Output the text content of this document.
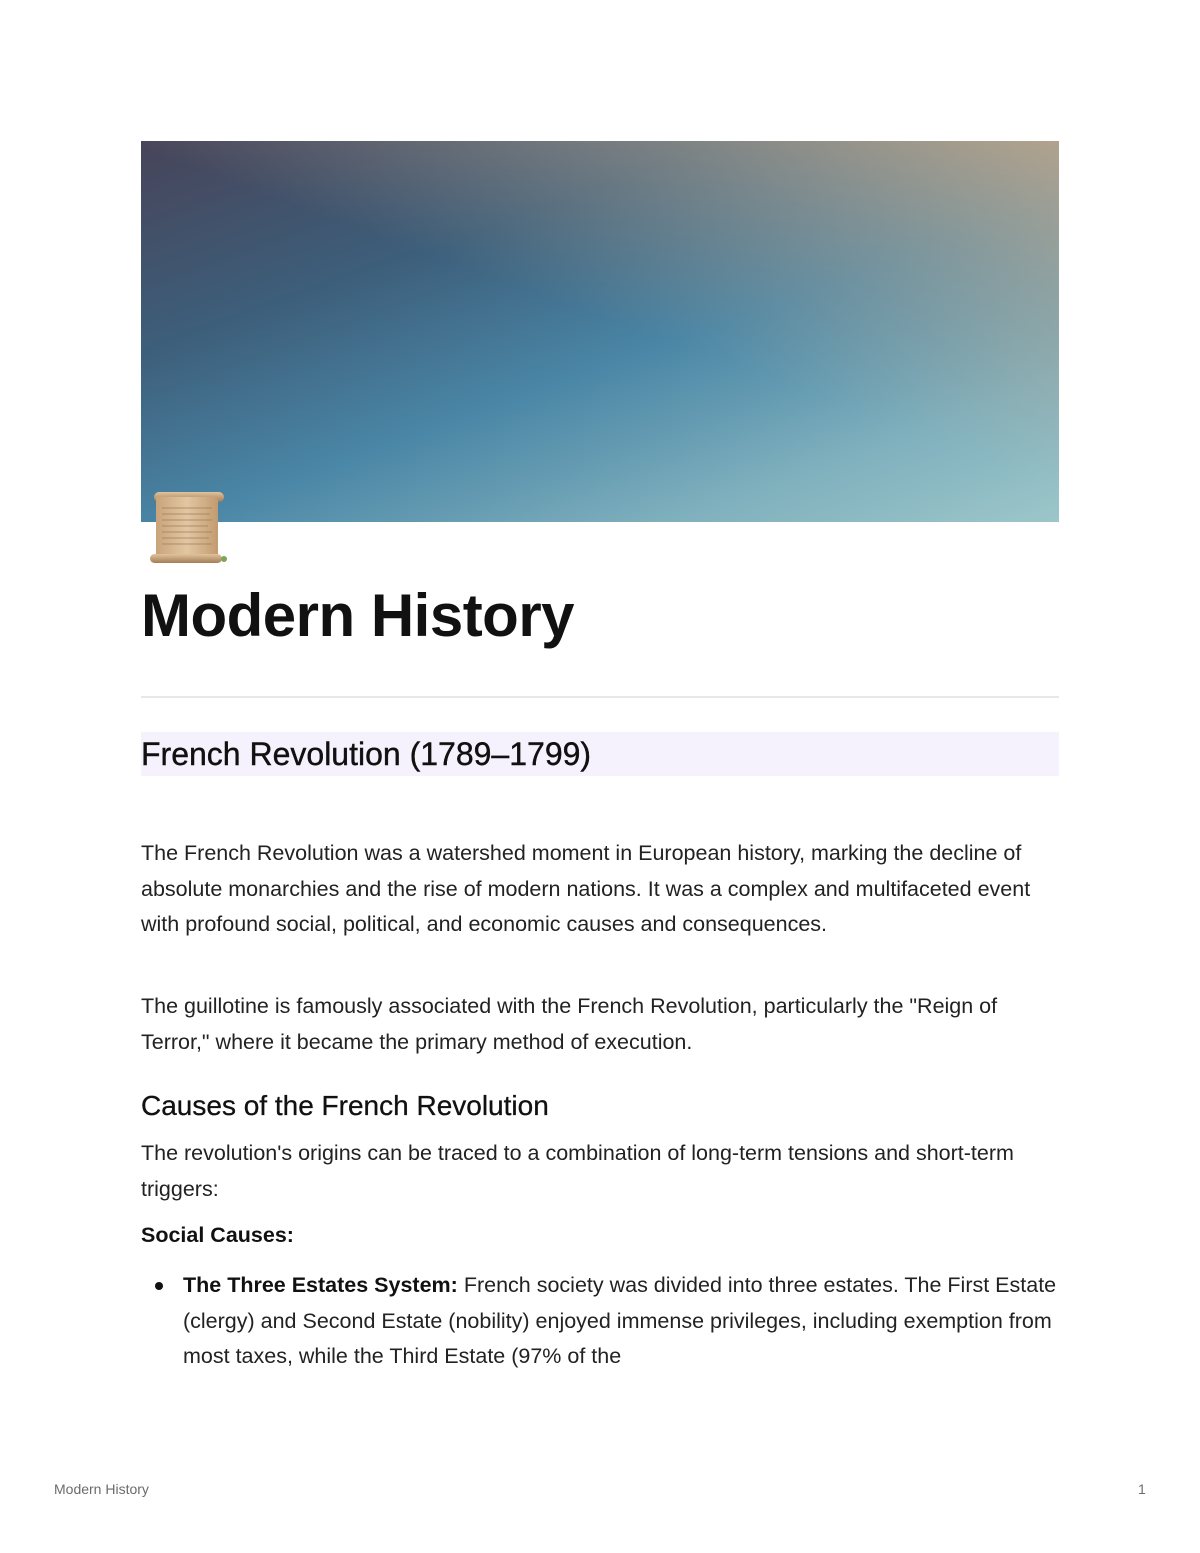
Modern History
French Revolution (1789–1799)

The French Revolution was a watershed moment in European history, marking the decline of absolute monarchies and the rise of modern nations. It was a complex and multifaceted event with profound social, political, and economic causes and consequences.

The guillotine is famously associated with the French Revolution, particularly the "Reign of Terror," where it became the primary method of execution.

Causes of the French Revolution

The revolution's origins can be traced to a combination of long-term tensions and short-term triggers:

Social Causes:

The Three Estates System: French society was divided into three estates. The First Estate (clergy) and Second Estate (nobility) enjoyed immense privileges, including exemption from most taxes, while the Third Estate (97% of the
Modern History	1
